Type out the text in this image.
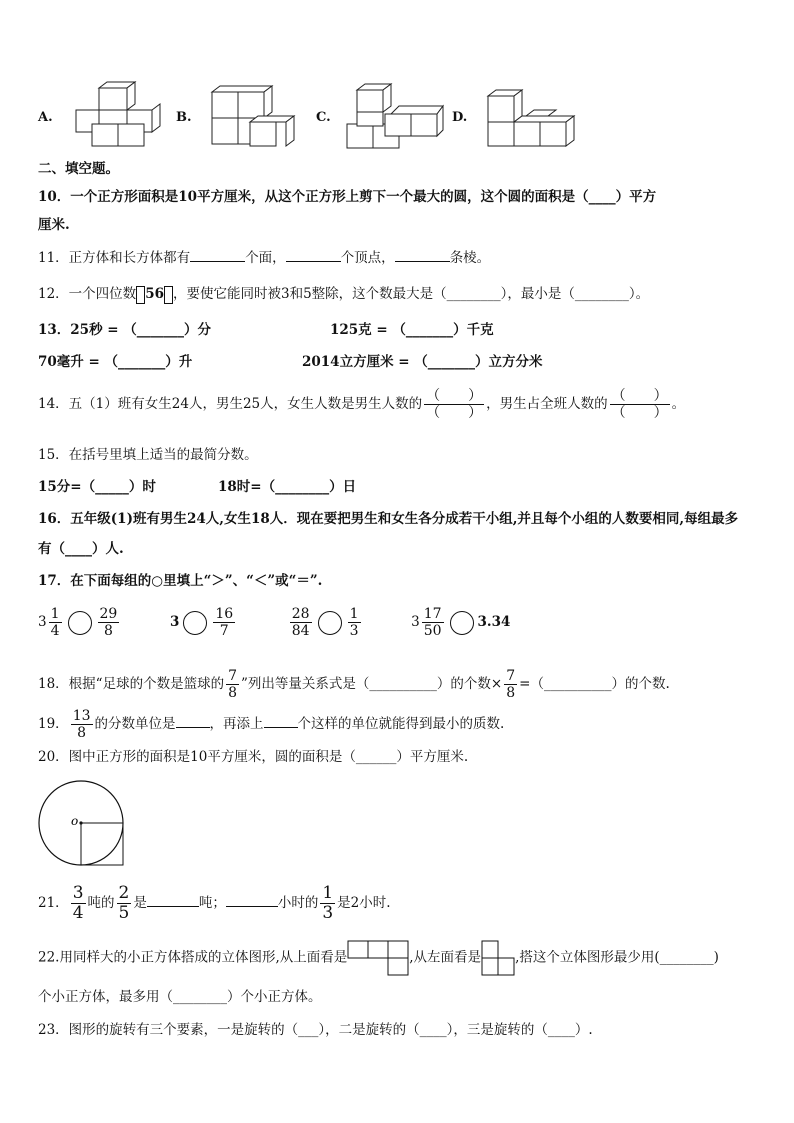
A.	B.	C.	D.
二、填空题。
10．一个正方形面积是10平方厘米，从这个正方形上剪下一个最大的圆，这个圆的面积是（____）平方
厘米.
11．正方体和长方体都有	个面，	个顶点，	条棱。
12．一个四位数 56 ，要使它能同时被3和5整除，这个数最大是（________），最小是（________）。
13．25秒 = （_______）分	125克 = （_______）千克
70毫升 = （_______）升	2014立方厘米 = （_______）立方分米
14．五（1）班有女生24人，男生25人，女生人数是男生人数的 （　　）
（　　）
，男生占全班人数的 （　　）
（　　）
。
15．在括号里填上适当的最简分数。
15分=（_____）时	18时=（________）日
16．五年级(1)班有男生24人,女生18人．现在要把男生和女生各分成若干小组,并且每个小组的人数要相同,每组最多
有（____）人.
17．在下面每组的○里填上“＞”、“＜”或“＝”.
$3 \frac{1}{4}$	$\frac{29}{8}$	$3 \frac{16}{7}$
	$\frac{28}{84}$	$\frac{1}{3}$	$3 \frac{17}{50}$	3.34
18．根据“足球的个数是篮球的 $\frac{7}{8}$ ”列出等量关系式是（__________）的个数× $\frac{7}{8}$ =（__________）的个数.
19． $\frac{13}{8}$ 的分数单位是	，再添上	个这样的单位就能得到最小的质数.
20．图中正方形的面积是10平方厘米，圆的面积是（______）平方厘米.
o
21． $\frac{3}{4}$ 吨的 $\frac{2}{5}$ 是	吨；	小时的 $\frac{1}{3}$ 是2小时.
22.用同样大的小正方体搭成的立体图形,从上面看是	,从左面看是	,搭这个立体图形最少用(________)
个小正方体，最多用（________）个小正方体。
23．图形的旋转有三个要素，一是旋转的（___），二是旋转的（____），三是旋转的（____）.
